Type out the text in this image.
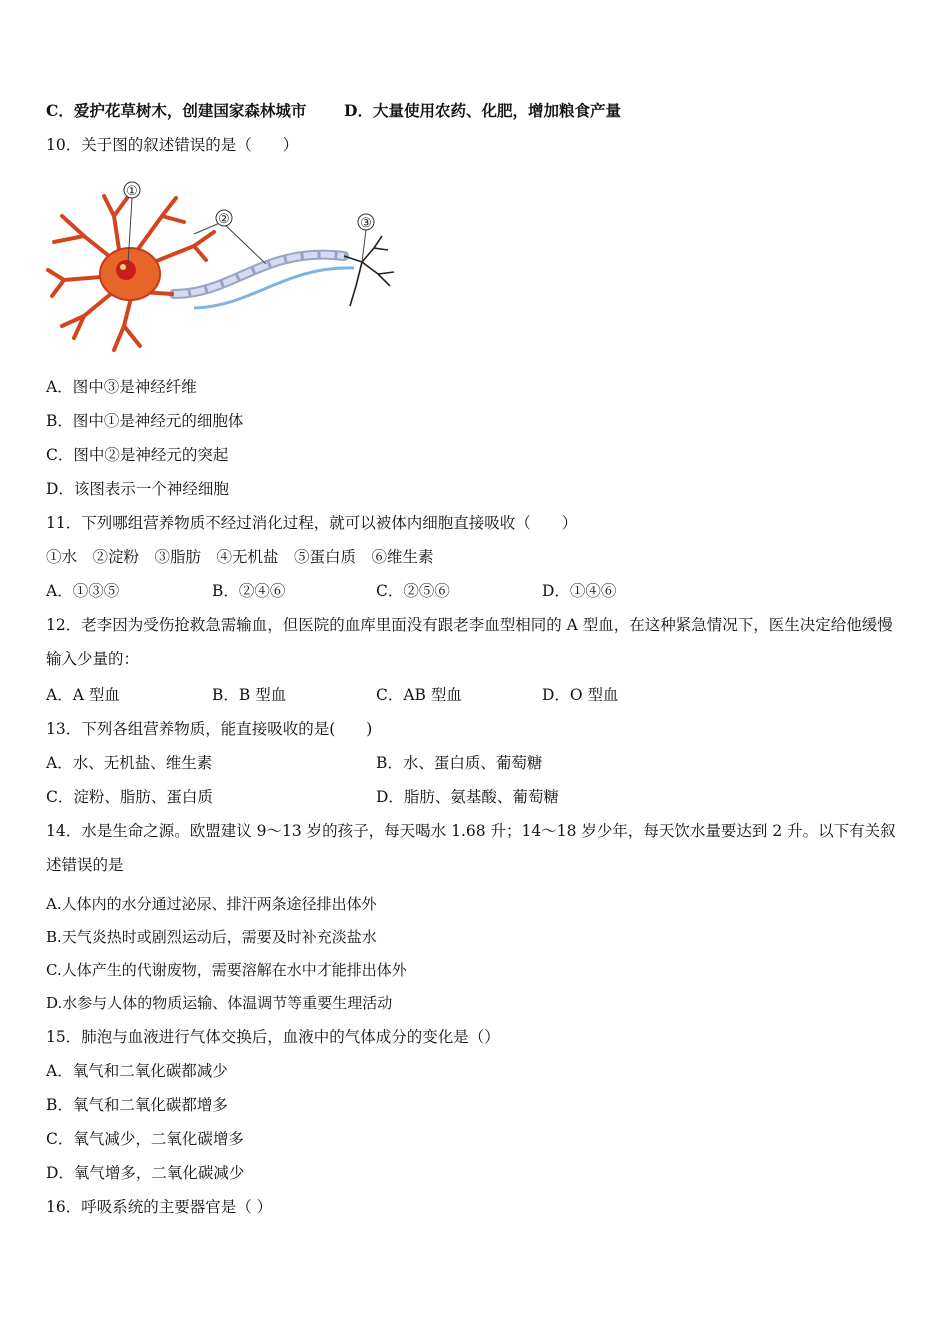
C．爱护花草树木，创建国家森林城市 D．大量使用农药、化肥，增加粮食产量
10．关于图的叙述错误的是（　　）
①
②	③
A．图中③是神经纤维
B．图中①是神经元的细胞体
C．图中②是神经元的突起
D．该图表示一个神经细胞
11．下列哪组营养物质不经过消化过程，就可以被体内细胞直接吸收（　　）
①水　②淀粉　③脂肪　④无机盐　⑤蛋白质　⑥维生素
A．①③⑤	B．②④⑥	C．②⑤⑥	D．①④⑥
12．老李因为受伤抢救急需输血，但医院的血库里面没有跟老李血型相同的 A 型血，在这种紧急情况下，医生决定给他缓慢输入少量的：
A．A 型血	B．B 型血	C．AB 型血	D．O 型血
13．下列各组营养物质，能直接吸收的是(　　)
A．水、无机盐、维生素	B．水、蛋白质、葡萄糖
C．淀粉、脂肪、蛋白质	D．脂肪、氨基酸、葡萄糖
14．水是生命之源。欧盟建议 9～13 岁的孩子，每天喝水 1.68 升；14～18 岁少年，每天饮水量要达到 2 升。以下有关叙述错误的是
A.人体内的水分通过泌尿、排汗两条途径排出体外
B.天气炎热时或剧烈运动后，需要及时补充淡盐水
C.人体产生的代谢废物，需要溶解在水中才能排出体外
D.水参与人体的物质运输、体温调节等重要生理活动
15．肺泡与血液进行气体交换后，血液中的气体成分的变化是（）
A．氧气和二氧化碳都减少
B．氧气和二氧化碳都增多
C．氧气减少，二氧化碳增多
D．氧气增多，二氧化碳减少
16．呼吸系统的主要器官是（ ）
